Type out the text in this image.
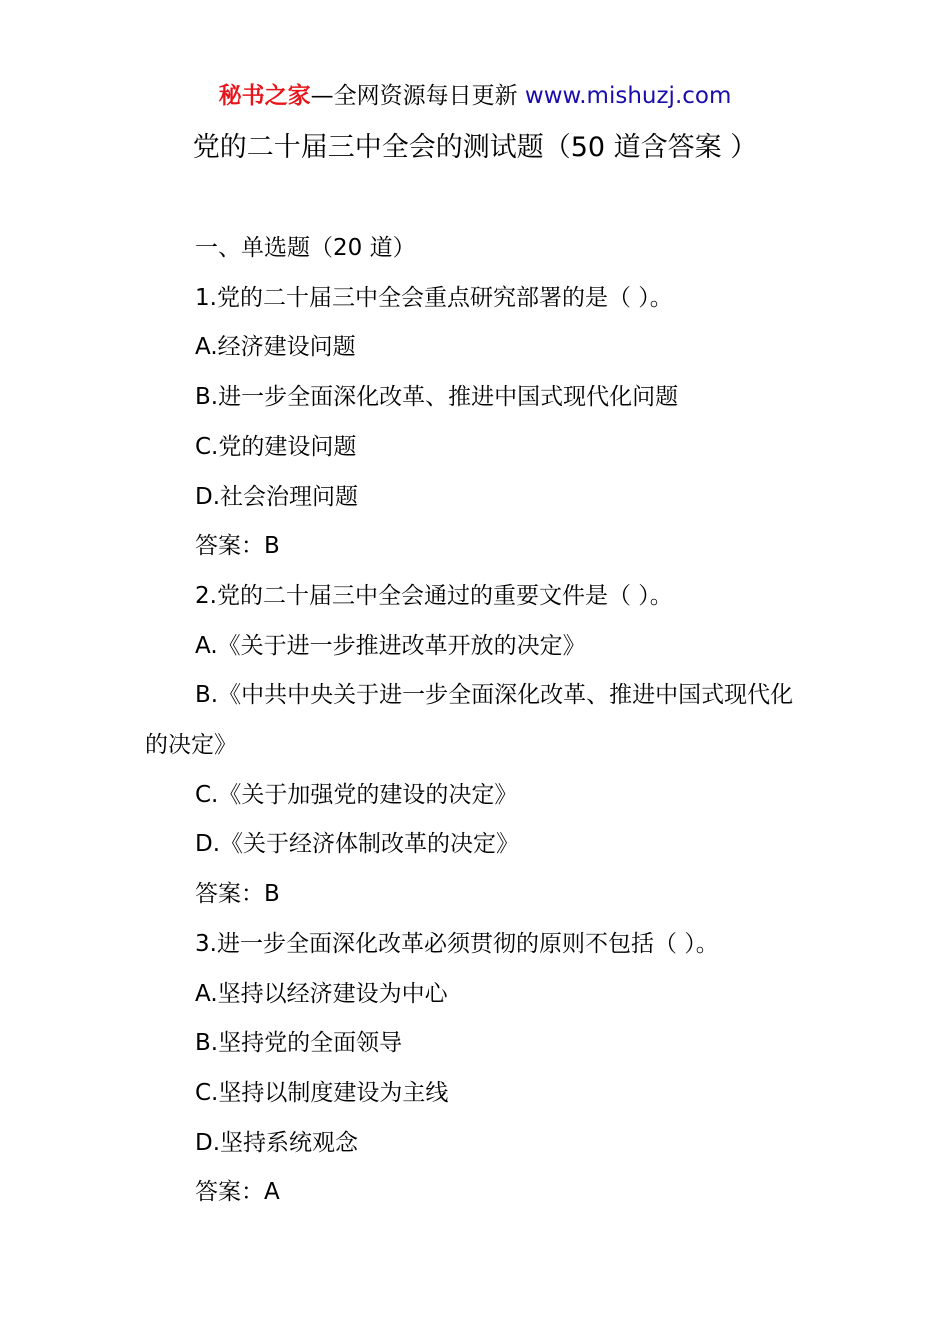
秘书之家—全网资源每日更新 www.mishuzj.com
党的二十届三中全会的测试题（50 道含答案 ）
一、单选题（20 道）
1.党的二十届三中全会重点研究部署的是（ ）。
A.经济建设问题
B.进一步全面深化改革、推进中国式现代化问题
C.党的建设问题
D.社会治理问题
答案：B
2.党的二十届三中全会通过的重要文件是（ ）。
A.《关于进一步推进改革开放的决定》
B.《中共中央关于进一步全面深化改革、推进中国式现代化的决定》
C.《关于加强党的建设的决定》
D.《关于经济体制改革的决定》
答案：B
3.进一步全面深化改革必须贯彻的原则不包括（ ）。
A.坚持以经济建设为中心
B.坚持党的全面领导
C.坚持以制度建设为主线
D.坚持系统观念
答案：A
